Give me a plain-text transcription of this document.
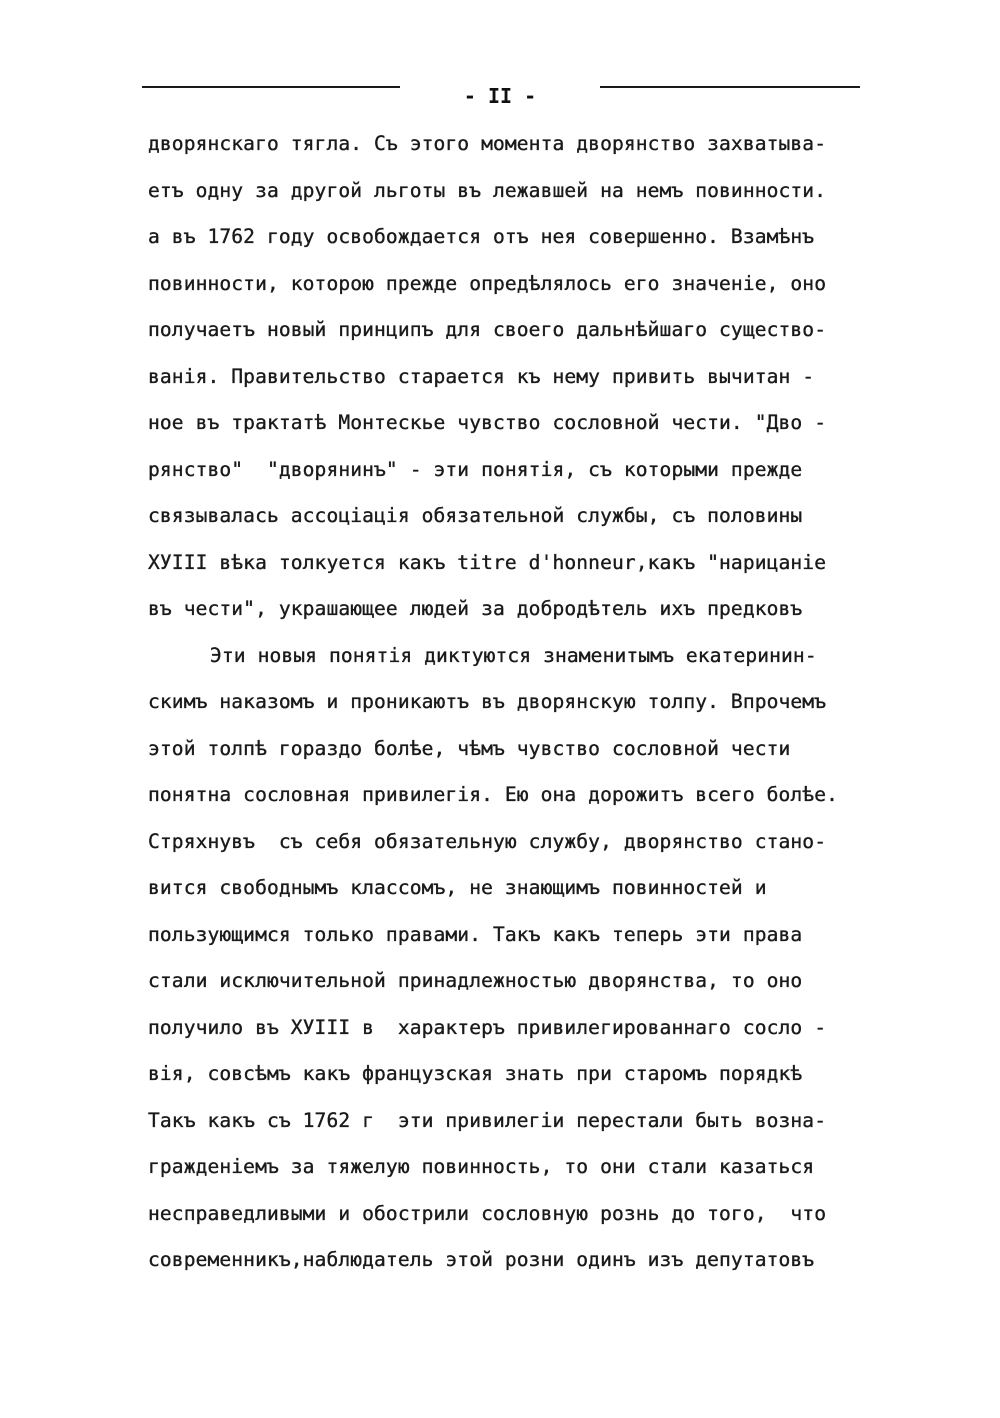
- II -
дворянскаго тягла. Съ этого момента дворянство захватыва-
етъ одну за другой льготы въ лежавшей на немъ повинности.
а въ 1762 году освобождается отъ нея совершенно. Взамѣнъ
повинности, которою прежде опредѣлялось его значеніе, оно
получаетъ новый принципъ для своего дальнѣйшаго существо-
ванія. Правительство старается къ нему привить вычитан -
ное въ трактатѣ Монтескье чувство сословной чести. "Дво -
рянство"  "дворянинъ" - эти понятія, съ которыми прежде
связывалась ассоціація обязательной службы, съ половины
ХУIII вѣка толкуется какъ titre d'honneur,какъ "нарицаніе
въ чести", украшающее людей за добродѣтель ихъ предковъ
Эти новыя понятія диктуются знаменитымъ екатеринин-
скимъ наказомъ и проникаютъ въ дворянскую толпу. Впрочемъ
этой толпѣ гораздо болѣе, чѣмъ чувство сословной чести
понятна сословная привилегія. Ею она дорожитъ всего болѣе.
Стряхнувъ  съ себя обязательную службу, дворянство стано-
вится свободнымъ классомъ, не знающимъ повинностей и
пользующимся только правами. Такъ какъ теперь эти права
стали исключительной принадлежностью дворянства, то оно
получило въ ХУIII в  характеръ привилегированнаго сосло -
вія, совсѣмъ какъ французская знать при старомъ порядкѣ
Такъ какъ съ 1762 г  эти привилегіи перестали быть возна-
гражденіемъ за тяжелую повинность, то они стали казаться
несправедливыми и обострили сословную рознь до того,  что
современникъ,наблюдатель этой розни одинъ изъ депутатовъ
